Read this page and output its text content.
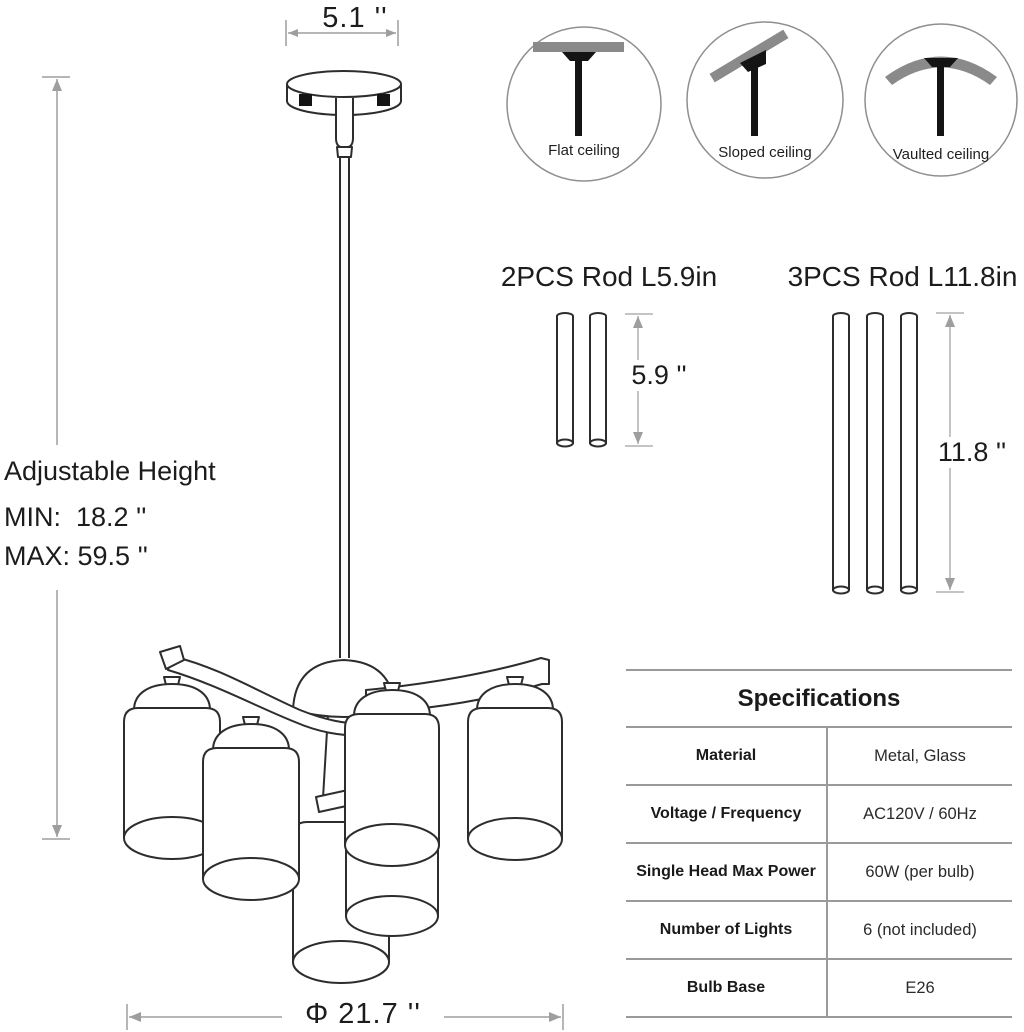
5.1 ''
Adjustable Height
MIN:  18.2 ''
MAX: 59.5 ''
Flat ceiling	Sloped ceiling	Vaulted ceiling
2PCS Rod L5.9in
5.9 ''
3PCS Rod L11.8in
11.8 ''
Φ 21.7 ''
Specifications
Material	Metal, Glass
Voltage / Frequency	AC120V / 60Hz
Single Head Max Power	60W (per bulb)
Number of Lights	6 (not included)
Bulb Base	E26
